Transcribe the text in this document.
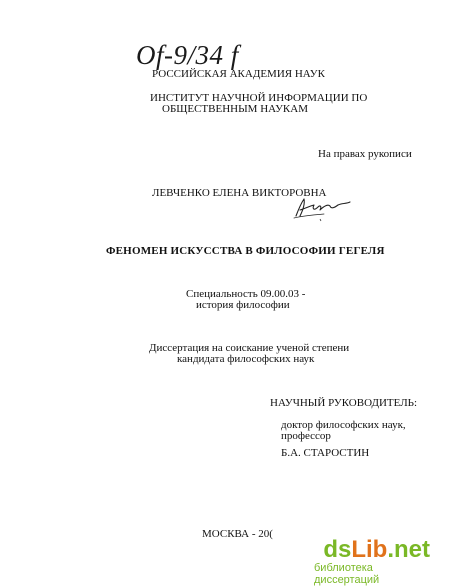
Of-9/34 f
РОССИЙСКАЯ АКАДЕМИЯ НАУК
ИНСТИТУТ НАУЧНОЙ ИНФОРМАЦИИ ПО
ОБЩЕСТВЕННЫМ НАУКАМ
На правах рукописи
ЛЕВЧЕНКО ЕЛЕНА ВИКТОРОВНА
ФЕНОМЕН ИСКУССТВА В ФИЛОСОФИИ ГЕГЕЛЯ
Специальность 09.00.03 -
история философии
Диссертация на соискание ученой степени
кандидата философских наук
НАУЧНЫЙ РУКОВОДИТЕЛЬ:
доктор философских наук,
профессор
Б.А. СТАРОСТИН
МОСКВА - 20(
dsLib.net
библиотека диссертаций
